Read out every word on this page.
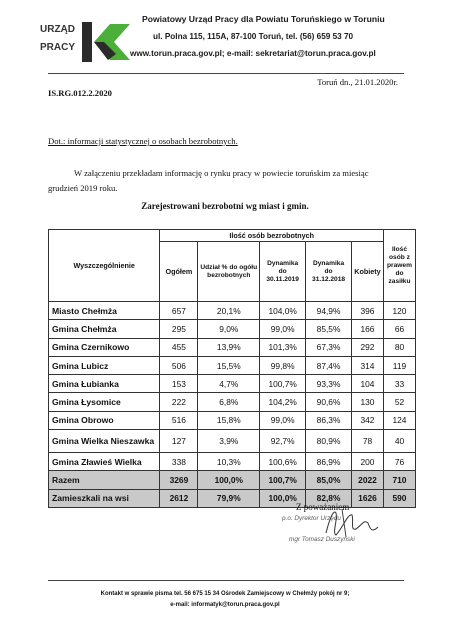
URZĄD
PRACY
Powiatowy Urząd Pracy dla Powiatu Toruńskiego w Toruniu
ul. Polna 115, 115A, 87-100 Toruń, tel. (56) 659 53 70
www.torun.praca.gov.pl; e-mail: sekretariat@torun.praca.gov.pl
Toruń dn., 21.01.2020r.
IS.RG.012.2.2020
Dot.: informacji statystycznej o osobach bezrobotnych.
W załączeniu przekładam informację o rynku pracy w powiecie toruńskim za miesiąc
grudzień 2019 roku.
Zarejestrowani bezrobotni wg miast i gmin.
Wyszczególnienie	Ilość osób bezrobotnych					Ilość osób z prawem do zasiłku
	Ogółem	Udział % do ogółu bezrobotnych	Dynamika do 30.11.2019	Dynamika do 31.12.2018	Kobiety	
Miasto Chełmża	657	20,1%	104,0%	94,9%	396	120
Gmina Chełmża	295	9,0%	99,0%	85,5%	166	66
Gmina Czernikowo	455	13,9%	101,3%	67,3%	292	80
Gmina Lubicz	506	15,5%	99,8%	87,4%	314	119
Gmina Łubianka	153	4,7%	100,7%	93,3%	104	33
Gmina Łysomice	222	6,8%	104,2%	90,6%	130	52
Gmina Obrowo	516	15,8%	99,0%	86,3%	342	124
Gmina Wielka Nieszawka	127	3,9%	92,7%	80,9%	78	40
Gmina Zławieś Wielka	338	10,3%	100,6%	86,9%	200	76
Razem	3269	100,0%	100,7%	85,0%	2022	710
Zamieszkali na wsi	2612	79,9%	100,0%	82,8%	1626	590
Z poważaniem
p.o. Dyrektor Urzędu
mgr Tomasz Duszyński
Kontakt w sprawie pisma tel. 56 675 15 34 Ośrodek Zamiejscowy w Chełmży pokój nr 9;
e-mail: informatyk@torun.praca.gov.pl
